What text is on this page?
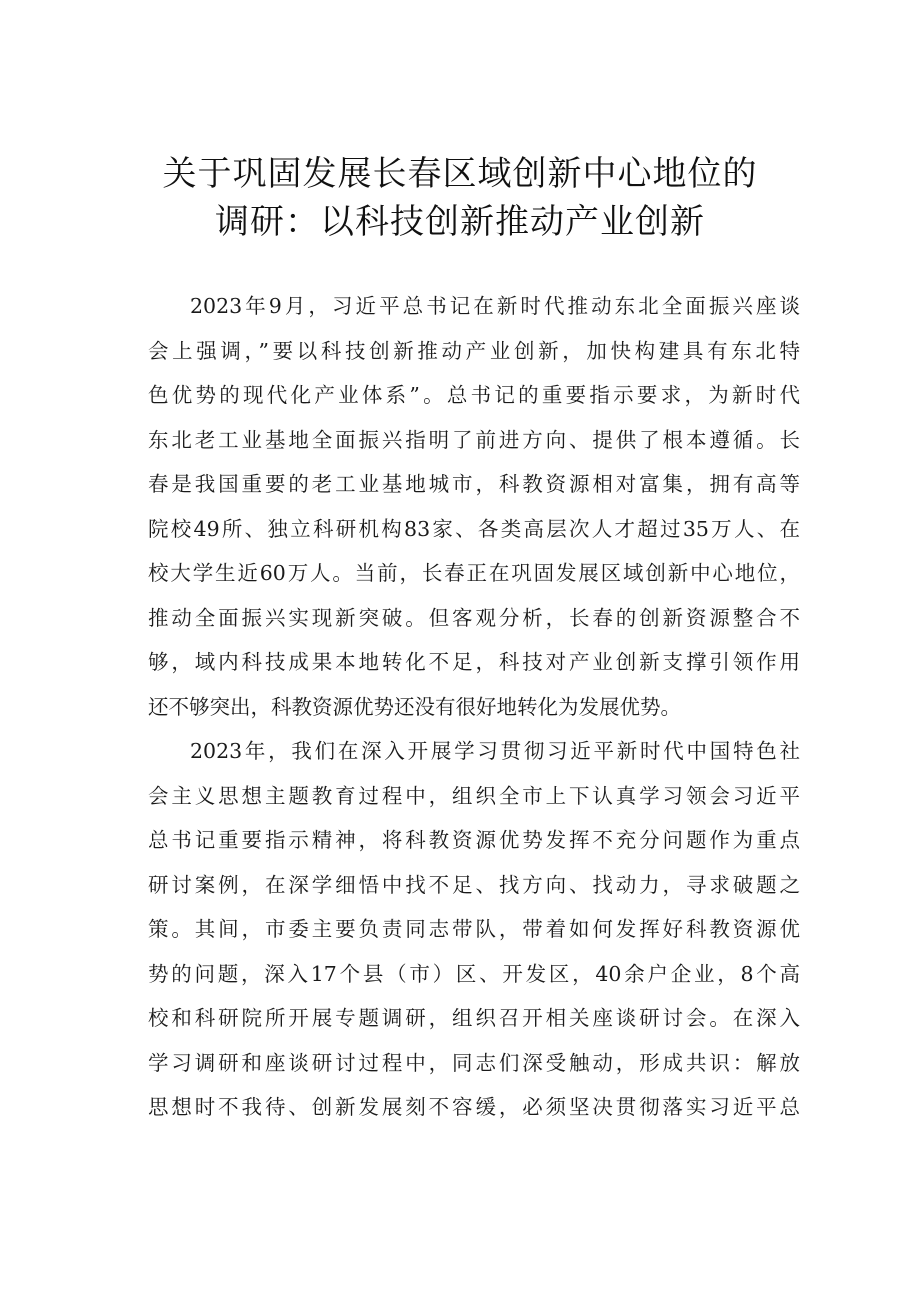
关于巩固发展长春区域创新中心地位的
调研：以科技创新推动产业创新
2023年9月，习近平总书记在新时代推动东北全面振兴座谈
会上强调，”要以科技创新推动产业创新，加快构建具有东北特
色优势的现代化产业体系”。总书记的重要指示要求，为新时代
东北老工业基地全面振兴指明了前进方向、提供了根本遵循。长
春是我国重要的老工业基地城市，科教资源相对富集，拥有高等
院校49所、独立科研机构83家、各类高层次人才超过35万人、在
校大学生近60万人。当前，长春正在巩固发展区域创新中心地位，
推动全面振兴实现新突破。但客观分析，长春的创新资源整合不
够，域内科技成果本地转化不足，科技对产业创新支撑引领作用
还不够突出，科教资源优势还没有很好地转化为发展优势。
2023年，我们在深入开展学习贯彻习近平新时代中国特色社
会主义思想主题教育过程中，组织全市上下认真学习领会习近平
总书记重要指示精神，将科教资源优势发挥不充分问题作为重点
研讨案例，在深学细悟中找不足、找方向、找动力，寻求破题之
策。其间，市委主要负责同志带队，带着如何发挥好科教资源优
势的问题，深入17个县（市）区、开发区，40余户企业，8个高
校和科研院所开展专题调研，组织召开相关座谈研讨会。在深入
学习调研和座谈研讨过程中，同志们深受触动，形成共识：解放
思想时不我待、创新发展刻不容缓，必须坚决贯彻落实习近平总
